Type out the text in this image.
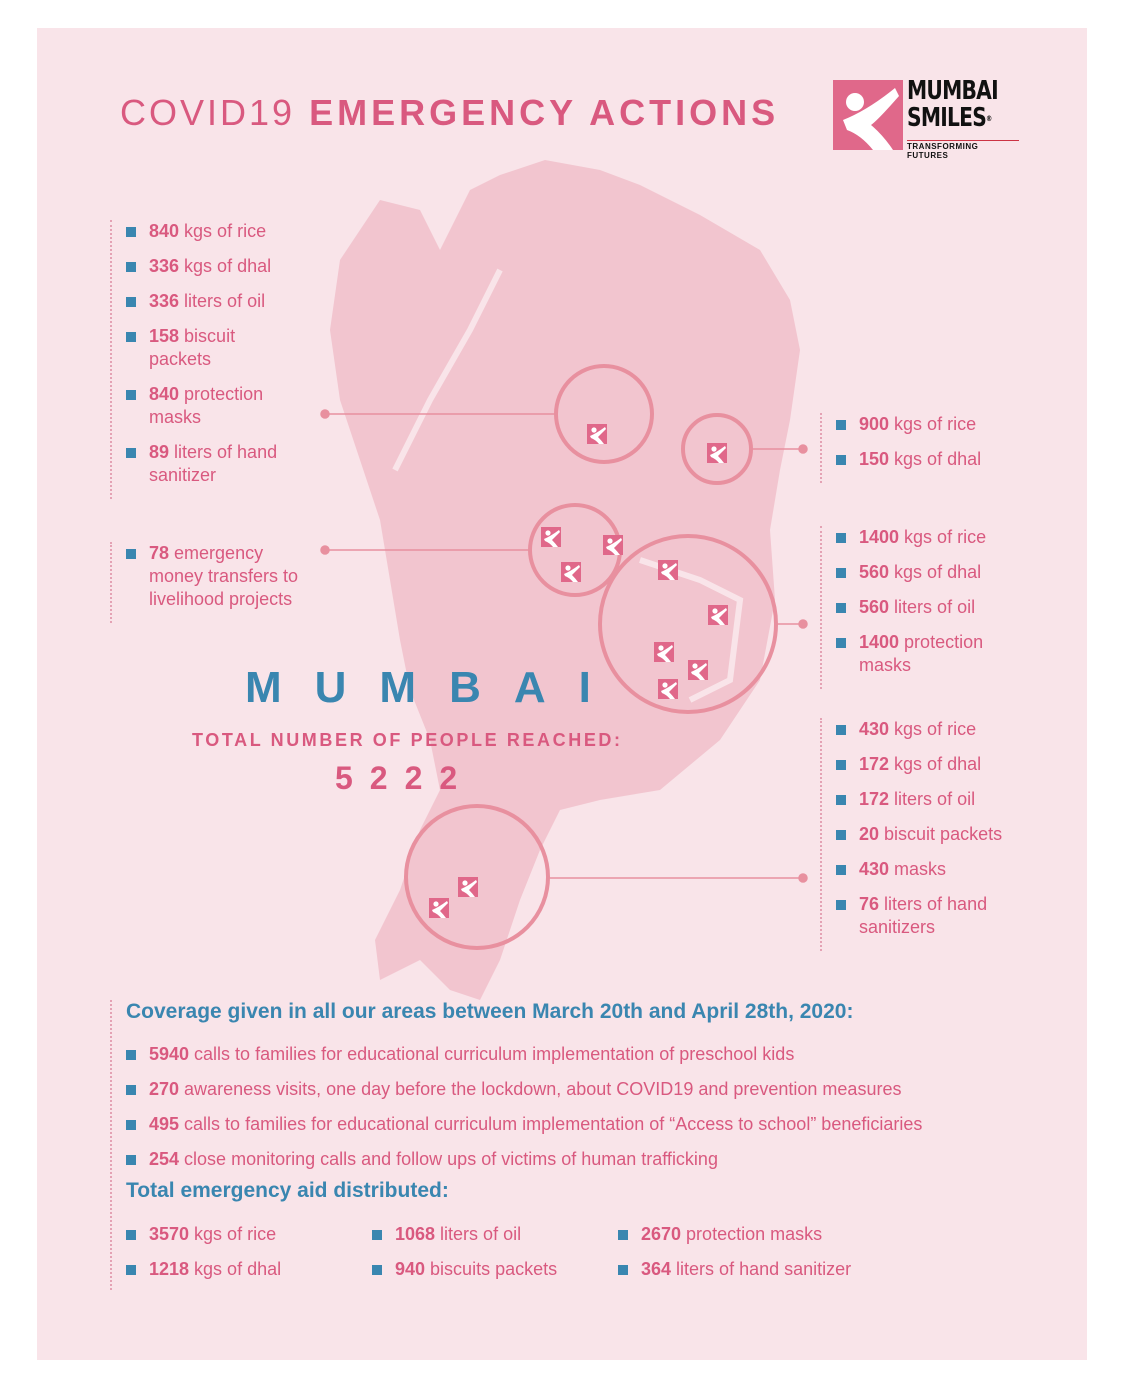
COVID19 EMERGENCY ACTIONS
MUMBAI
SMILES®
TRANSFORMING FUTURES
840 kgs of rice
336 kgs of dhal
336 liters of oil
158 biscuit packets
840 protection masks
89 liters of hand sanitizer
78 emergency money transfers to livelihood projects
900 kgs of rice
150 kgs of dhal
1400 kgs of rice
560 kgs of dhal
560 liters of oil
1400 protection masks
430 kgs of rice
172 kgs of dhal
172 liters of oil
20 biscuit packets
430 masks
76 liters of hand sanitizers
MUMBAI
TOTAL NUMBER OF PEOPLE REACHED:
5222
Coverage given in all our areas between March 20th and April 28th, 2020:
5940 calls to families for educational curriculum implementation of preschool kids
270 awareness visits, one day before the lockdown, about COVID19 and prevention measures
495 calls to families for educational curriculum implementation of “Access to school” beneficiaries
254 close monitoring calls and follow ups of victims of human trafficking
Total emergency aid distributed:
3570 kgs of rice
1218 kgs of dhal
1068 liters of oil
940 biscuits packets
2670 protection masks
364 liters of hand sanitizer
